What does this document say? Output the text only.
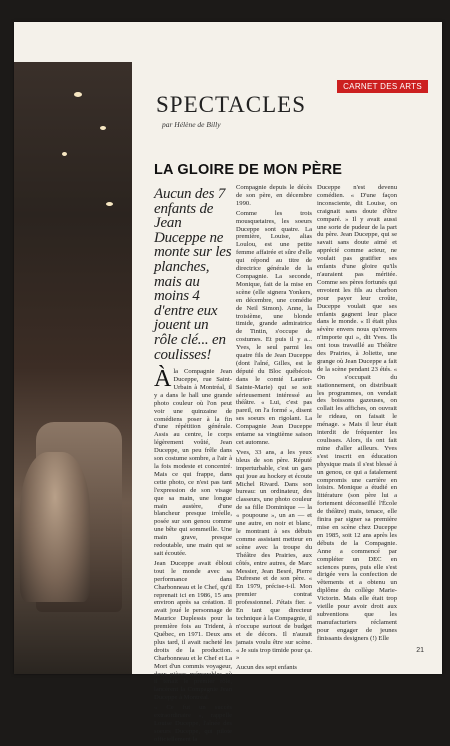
CARNET DES ARTS
SPECTACLES
par Hélène de Billy
LA GLOIRE DE MON PÈRE
Aucun des 7 enfants de Jean Duceppe ne monte sur les planches, mais au moins 4 d'entre eux jouent un rôle clé... en coulisses!
À la Compagnie Jean Duceppe, rue Saint-Urbain à Montréal, il y a dans le hall une grande photo couleur où l'on peut voir une quinzaine de comédiens poser à la fin d'une répétition générale. Assis au centre, le corps légèrement voûté, Jean Duceppe, un peu frêle dans son costume sombre, a l'air à la fois modeste et concentré. Mais ce qui frappe, dans cette photo, ce n'est pas tant l'expression de son visage que sa main, une longue main austère, d'une blancheur presque irréelle, posée sur son genou comme une bête qui sommeille. Une main grave, presque redoutable, une main qui se sait écoutée.

Jean Duceppe avait ébloui tout le monde avec sa performance dans Charbonneau et le Chef, qu'il reprenait ici en 1986, 15 ans environ après sa création. Il avait joué le personnage de Maurice Duplessis pour la première fois au Trident, à Québec, en 1971. Deux ans plus tard, il avait racheté les droits de la production. Charbonneau et le Chef et La Mort d'un commis voyageur, deux pièces mémorables où il tenait le premier rôle, lancèrent la Compagnie Jean Duceppe à Montréal.

« Ce fut un succès extraordinaire », rappelle Louise Duceppe, l'aînée des soeurs Duceppe, qui pilote officiellement la

Compagnie depuis le décès de son père, en décembre 1990.

Comme les trois mousquetaires, les soeurs Duceppe sont quatre. La première, Louise, alias Loulou, est une petite femme affairée et sûre d'elle qui répond au titre de directrice générale de la Compagnie. La seconde, Monique, fait de la mise en scène (elle signera Yonkers, en décembre, une comédie de Neil Simon). Anne, la troisième, une blonde timide, grande admiratrice de Tintin, s'occupe de costumes. Et puis il y a... Yves, le seul parmi les quatre fils de Jean Duceppe (dont l'aîné, Gilles, est le député du Bloc québécois dans le comté Laurier-Sainte-Marie) qui se soit sérieusement intéressé au théâtre. « Lui, c'est pas pareil, on l'a formé », disent ses soeurs en rigolant. La Compagnie Jean Duceppe entame sa vingtième saison cet automne.

Yves, 33 ans, a les yeux bleus de son père. Réputé imperturbable, c'est un gars qui joue au hockey et écoute Michel Rivard. Dans son bureau: un ordinateur, des classeurs, une photo couleur de sa fille Dominique — la « poupoune », un an — et une autre, en noir et blanc, le montrant à ses débuts comme assistant metteur en scène avec la troupe du Théâtre des Prairies, aux côtés, entre autres, de Marc Messier, Jean Besré, Pierre Dufresne et de son père. « En 1979, précise-t-il. Mon premier contrat professionnel. J'étais fier. » En tant que directeur technique à la Compagnie, il n'occupe surtout de budget et de décors. Il n'aurait jamais voulu être sur scène. « Je suis trop timide pour ça. »

Aucun des sept enfants

Duceppe n'est devenu comédien. « D'une façon inconsciente, dit Louise, on craignait sans doute d'être comparé. » Il y avait aussi une sorte de pudeur de la part du père. Jean Duceppe, qui se savait sans doute aimé et apprécié comme acteur, ne voulait pas gratifier ses enfants d'une gloire qu'ils n'auraient pas méritée. Comme ses pères fortunés qui envoient les fils au charbon pour payer leur croûte, Duceppe voulait que ses enfants gagnent leur place dans le monde. « Il était plus sévère envers nous qu'envers n'importe qui », dit Yves. Ils ont tous travaillé au Théâtre des Prairies, à Joliette, une grange où Jean Duceppe a fait de la scène pendant 23 étés. « On s'occupait du stationnement, on distribuait les programmes, on vendait des boissons gazeuses, on collait les affiches, on ouvrait le rideau, on faisait le ménage. » Mais il leur était interdit de fréquenter les coulisses. Alors, ils ont fait mine d'aller ailleurs. Yves s'est inscrit en éducation physique mais il s'est blessé à un genou, ce qui a fatalement compromis une carrière en loisirs. Monique a étudié en littérature (son père lui a fortement déconseillé l'École de théâtre) mais, tenace, elle finira par signer sa première mise en scène chez Duceppe en 1985, soit 12 ans après les débuts de la Compagnie. Anne a commencé par compléter un DEC en sciences pures, puis elle s'est dirigée vers la confection de vêtements et a obtenu un diplôme du collège Marie-Victorin. Mais elle était trop vieille pour avoir droit aux subventions que les manufacturiers réclament pour engager de jeunes finissants designers (!) Elle

21
